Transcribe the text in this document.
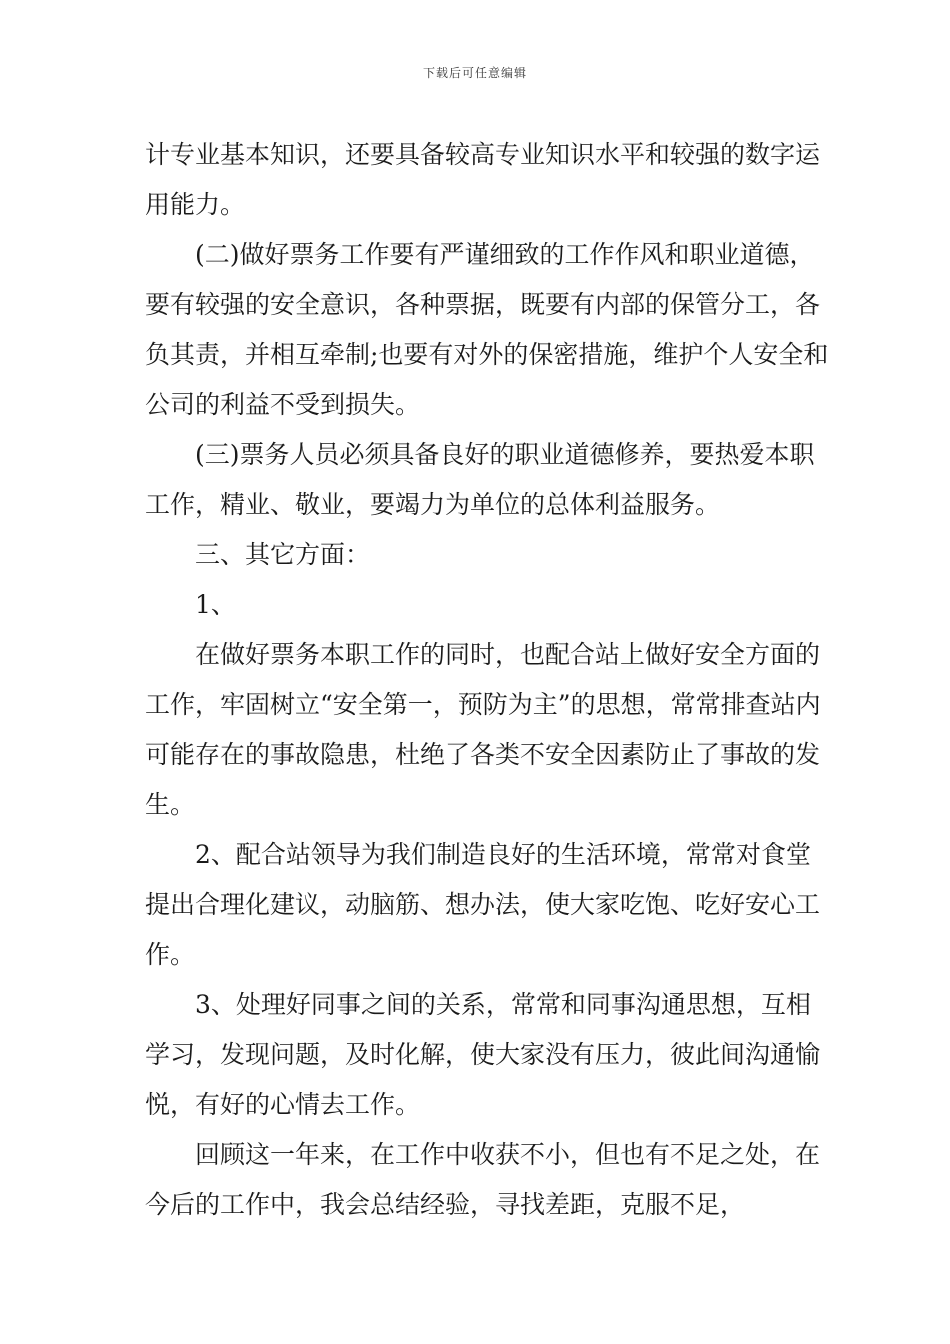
下载后可任意编辑

计专业基本知识，还要具备较高专业知识水平和较强的数字运用能力。

(二)做好票务工作要有严谨细致的工作作风和职业道德，要有较强的安全意识，各种票据，既要有内部的保管分工，各负其责，并相互牵制;也要有对外的保密措施，维护个人安全和公司的利益不受到损失。

(三)票务人员必须具备良好的职业道德修养，要热爱本职工作，精业、敬业，要竭力为单位的总体利益服务。

三、其它方面：

1、

在做好票务本职工作的同时，也配合站上做好安全方面的工作，牢固树立“安全第一，预防为主”的思想，常常排查站内可能存在的事故隐患，杜绝了各类不安全因素防止了事故的发生。

2、配合站领导为我们制造良好的生活环境，常常对食堂提出合理化建议，动脑筋、想办法，使大家吃饱、吃好安心工作。

3、处理好同事之间的关系，常常和同事沟通思想，互相学习，发现问题，及时化解，使大家没有压力，彼此间沟通愉悦，有好的心情去工作。

回顾这一年来，在工作中收获不小，但也有不足之处，在今后的工作中，我会总结经验，寻找差距，克服不足，
